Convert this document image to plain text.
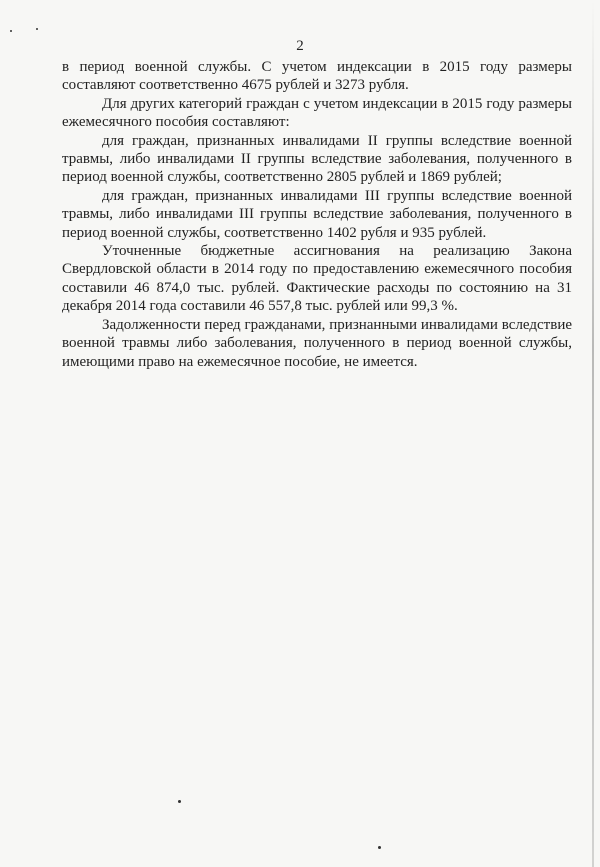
2

в период военной службы. С учетом индексации в 2015 году размеры составляют соответственно 4675 рублей и 3273 рубля.

Для других категорий граждан с учетом индексации в 2015 году размеры ежемесячного пособия составляют:

для граждан, признанных инвалидами II группы вследствие военной травмы, либо инвалидами II группы вследствие заболевания, полученного в период военной службы, соответственно 2805 рублей и 1869 рублей;

для граждан, признанных инвалидами III группы вследствие военной травмы, либо инвалидами III группы вследствие заболевания, полученного в период военной службы, соответственно 1402 рубля и 935 рублей.

Уточненные бюджетные ассигнования на реализацию Закона Свердловской области в 2014 году по предоставлению ежемесячного пособия составили 46 874,0 тыс. рублей. Фактические расходы по состоянию на 31 декабря 2014 года составили 46 557,8 тыс. рублей или 99,3 %.

Задолженности перед гражданами, признанными инвалидами вследствие военной травмы либо заболевания, полученного в период военной службы, имеющими право на ежемесячное пособие, не имеется.
